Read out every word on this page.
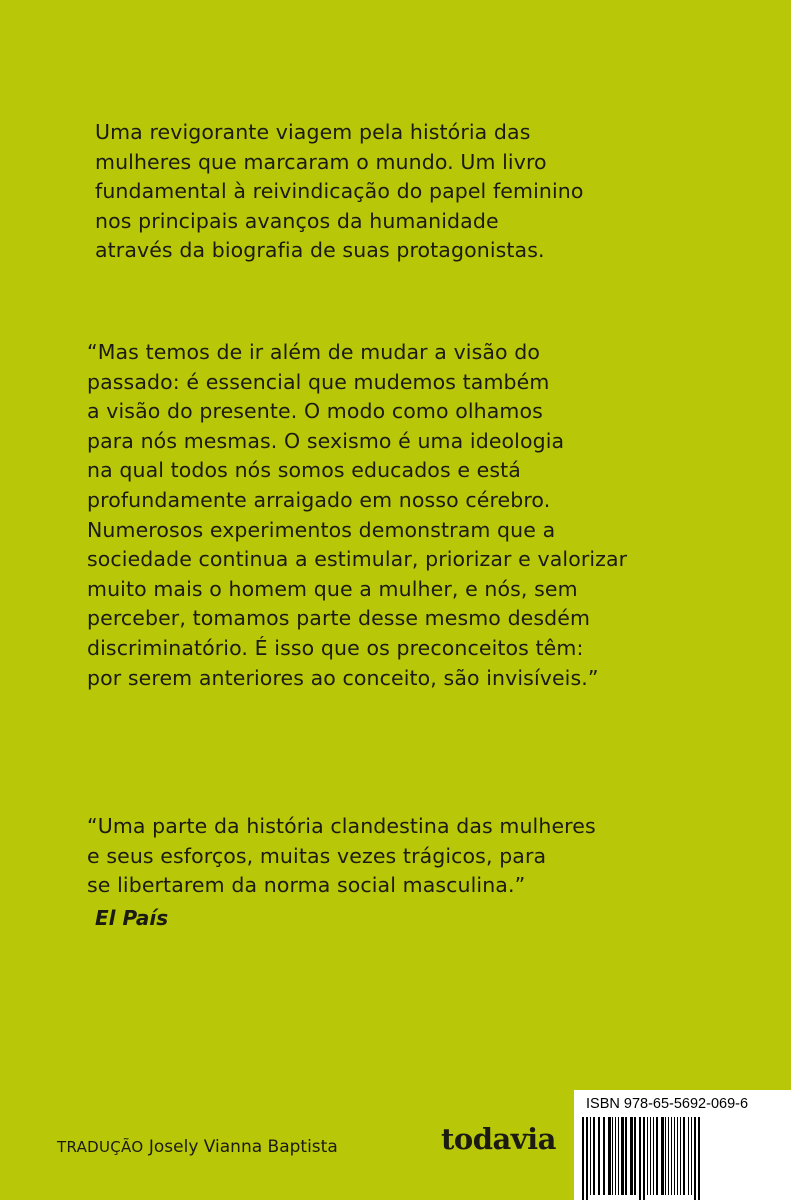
Uma revigorante viagem pela história das
mulheres que marcaram o mundo. Um livro
fundamental à reivindicação do papel feminino
nos principais avanços da humanidade
através da biografia de suas protagonistas.
“Mas temos de ir além de mudar a visão do
passado: é essencial que mudemos também
a visão do presente. O modo como olhamos
para nós mesmas. O sexismo é uma ideologia
na qual todos nós somos educados e está
profundamente arraigado em nosso cérebro.
Numerosos experimentos demonstram que a
sociedade continua a estimular, priorizar e valorizar
muito mais o homem que a mulher, e nós, sem
perceber, tomamos parte desse mesmo desdém
discriminatório. É isso que os preconceitos têm:
por serem anteriores ao conceito, são invisíveis.”
“Uma parte da história clandestina das mulheres
e seus esforços, muitas vezes trágicos, para
se libertarem da norma social masculina.”

El País

TRADUÇÃO Josely Vianna Baptista	todavia

ISBN 978-65-5692-069-6
